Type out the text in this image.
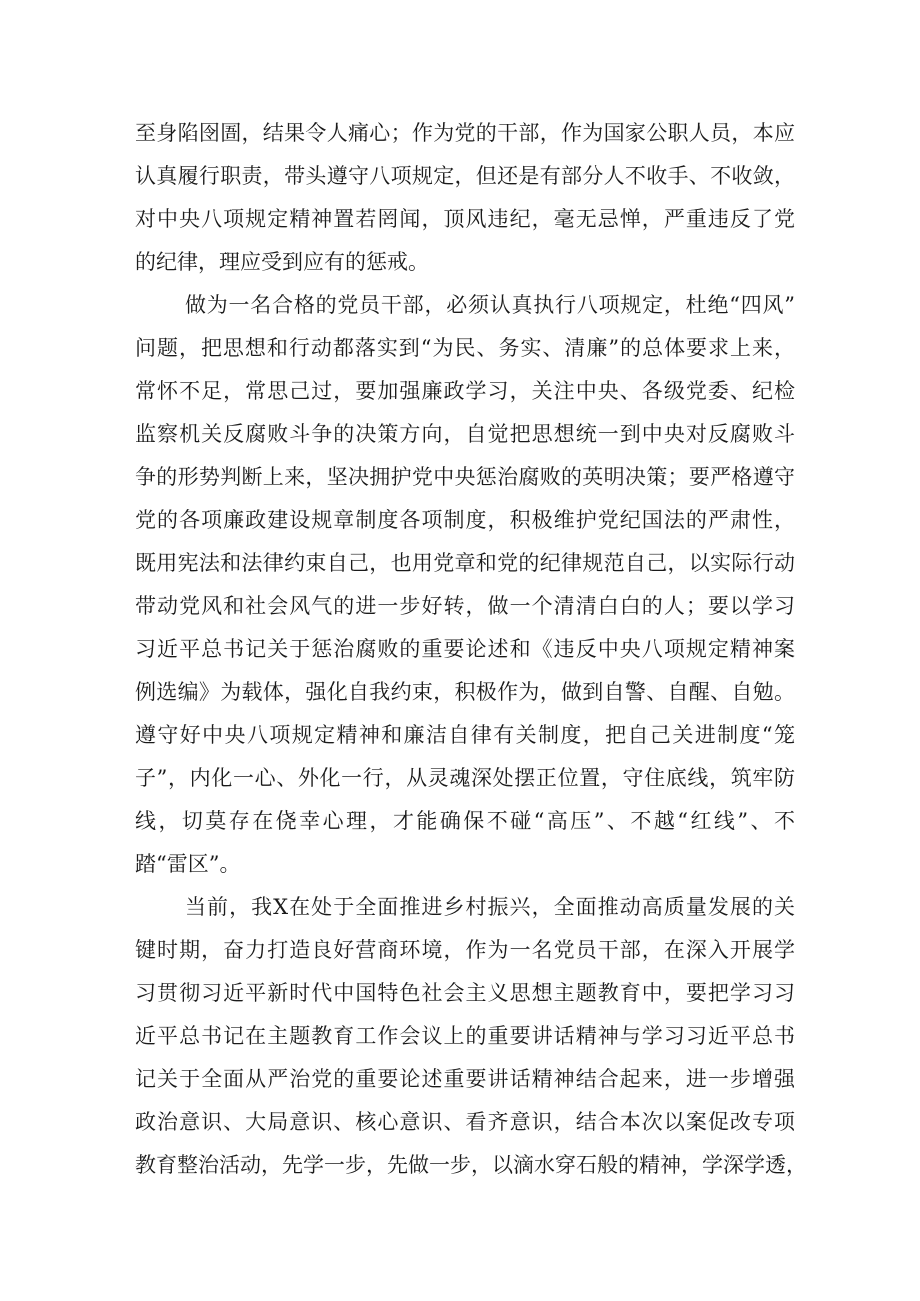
至身陷囹圄，结果令人痛心；作为党的干部，作为国家公职人员，本应
认真履行职责，带头遵守八项规定，但还是有部分人不收手、不收敛，
对中央八项规定精神置若罔闻，顶风违纪，毫无忌惮，严重违反了党
的纪律，理应受到应有的惩戒。
做为一名合格的党员干部，必须认真执行八项规定，杜绝“四风”
问题，把思想和行动都落实到“为民、务实、清廉”的总体要求上来，
常怀不足，常思己过，要加强廉政学习，关注中央、各级党委、纪检
监察机关反腐败斗争的决策方向，自觉把思想统一到中央对反腐败斗
争的形势判断上来，坚决拥护党中央惩治腐败的英明决策；要严格遵守
党的各项廉政建设规章制度各项制度，积极维护党纪国法的严肃性，
既用宪法和法律约束自己，也用党章和党的纪律规范自己，以实际行动
带动党风和社会风气的进一步好转，做一个清清白白的人；要以学习
习近平总书记关于惩治腐败的重要论述和《违反中央八项规定精神案
例选编》为载体，强化自我约束，积极作为，做到自警、自醒、自勉。
遵守好中央八项规定精神和廉洁自律有关制度，把自己关进制度“笼
子”，内化一心、外化一行，从灵魂深处摆正位置，守住底线，筑牢防
线，切莫存在侥幸心理，才能确保不碰“高压”、不越“红线”、不
踏“雷区”。
当前，我X在处于全面推进乡村振兴，全面推动高质量发展的关
键时期，奋力打造良好营商环境，作为一名党员干部，在深入开展学
习贯彻习近平新时代中国特色社会主义思想主题教育中，要把学习习
近平总书记在主题教育工作会议上的重要讲话精神与学习习近平总书
记关于全面从严治党的重要论述重要讲话精神结合起来，进一步增强
政治意识、大局意识、核心意识、看齐意识，结合本次以案促改专项
教育整治活动，先学一步，先做一步，以滴水穿石般的精神，学深学透，
